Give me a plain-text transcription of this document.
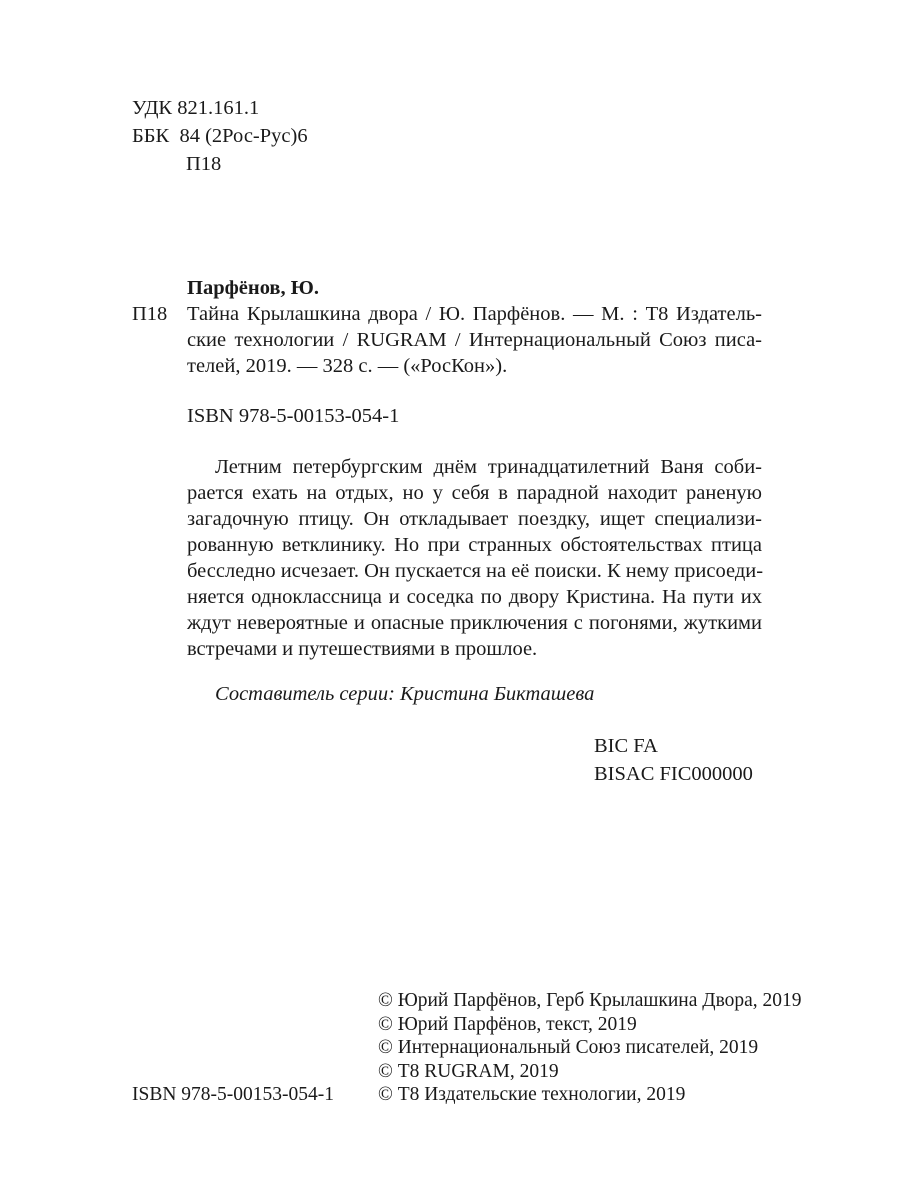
УДК 821.161.1
ББК  84 (2Рос-Рус)6
П18
Парфёнов, Ю.
П18 Тайна Крылашкина двора / Ю. Парфёнов. — М. : Т8 Издатель-
ские технологии / RUGRAM / Интернациональный Союз писа-
телей, 2019. — 328 с. — («РосКон»).
ISBN 978-5-00153-054-1
Летним петербургским днём тринадцатилетний Ваня соби-
рается ехать на отдых, но у себя в парадной находит раненую
загадочную птицу. Он откладывает поездку, ищет специализи-
рованную ветклинику. Но при странных обстоятельствах птица
бесследно исчезает. Он пускается на её поиски. К нему присоеди-
няется одноклассница и соседка по двору Кристина. На пути их
ждут невероятные и опасные приключения с погонями, жуткими
встречами и путешествиями в прошлое.
Составитель серии: Кристина Бикташева
BIC FA
BISAC FIC000000
© Юрий Парфёнов, Герб Крылашкина Двора, 2019
© Юрий Парфёнов, текст, 2019
© Интернациональный Союз писателей, 2019
© Т8 RUGRAM, 2019
© Т8 Издательские технологии, 2019
ISBN 978-5-00153-054-1
